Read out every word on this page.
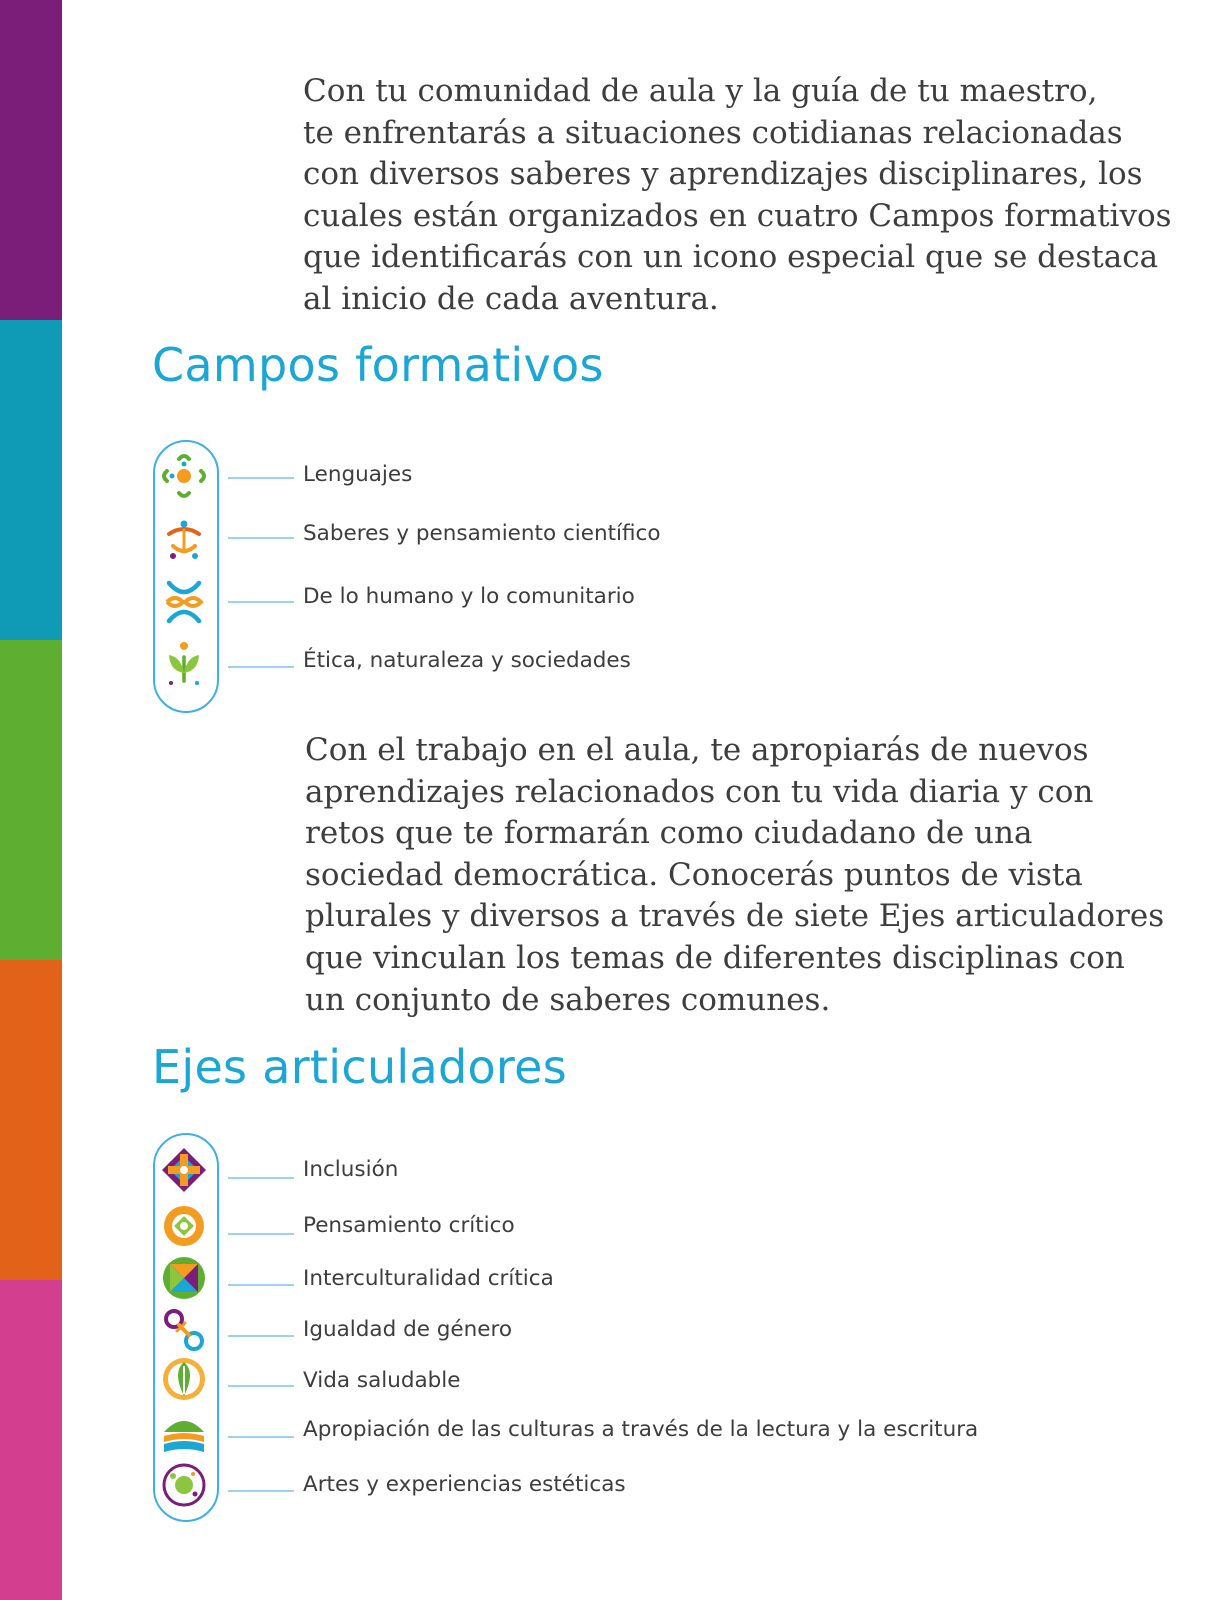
Con tu comunidad de aula y la guía de tu maestro,
te enfrentarás a situaciones cotidianas relacionadas
con diversos saberes y aprendizajes disciplinares, los
cuales están organizados en cuatro Campos formativos
que identificarás con un icono especial que se destaca
al inicio de cada aventura.
Campos formativos

Lenguajes

Saberes y pensamiento científico

De lo humano y lo comunitario

Ética, naturaleza y sociedades

Con el trabajo en el aula, te apropiarás de nuevos
aprendizajes relacionados con tu vida diaria y con
retos que te formarán como ciudadano de una
sociedad democrática. Conocerás puntos de vista
plurales y diversos a través de siete Ejes articuladores
que vinculan los temas de diferentes disciplinas con
un conjunto de saberes comunes.
Ejes articuladores

Inclusión

Pensamiento crítico

Interculturalidad crítica

Igualdad de género

Vida saludable

Apropiación de las culturas a través de la lectura y la escritura

Artes y experiencias estéticas
